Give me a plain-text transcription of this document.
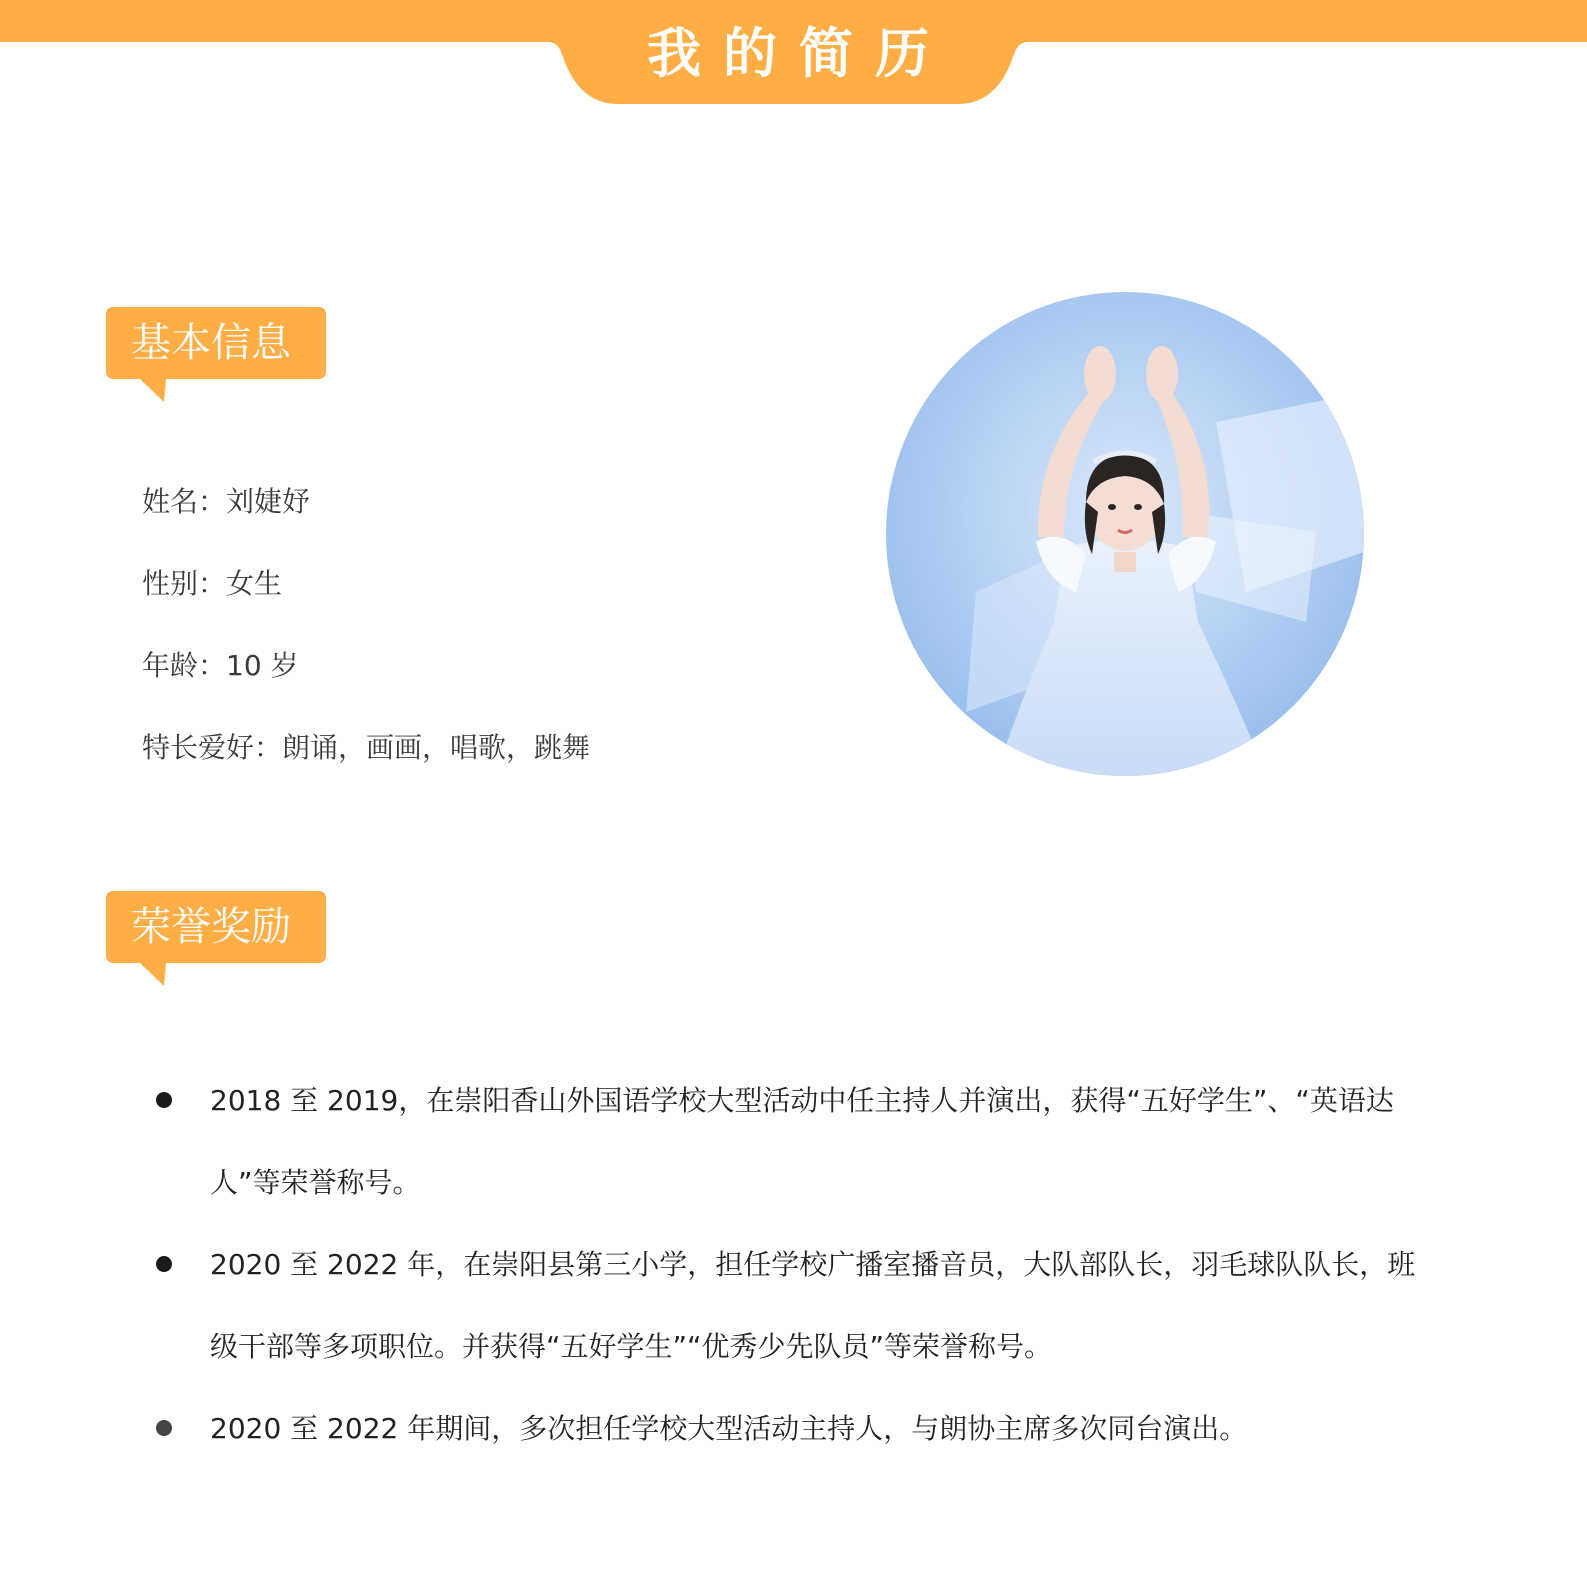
我的简历
基本信息
姓名：刘婕妤
性别：女生
年龄：10 岁
特长爱好：朗诵，画画，唱歌，跳舞
荣誉奖励
2018 至 2019，在崇阳香山外国语学校大型活动中任主持人并演出，获得“五好学生”、“英语达人”等荣誉称号。
2020 至 2022 年，在崇阳县第三小学，担任学校广播室播音员，大队部队长，羽毛球队队长，班级干部等多项职位。并获得“五好学生”“优秀少先队员”等荣誉称号。
2020 至 2022 年期间，多次担任学校大型活动主持人，与朗协主席多次同台演出。
